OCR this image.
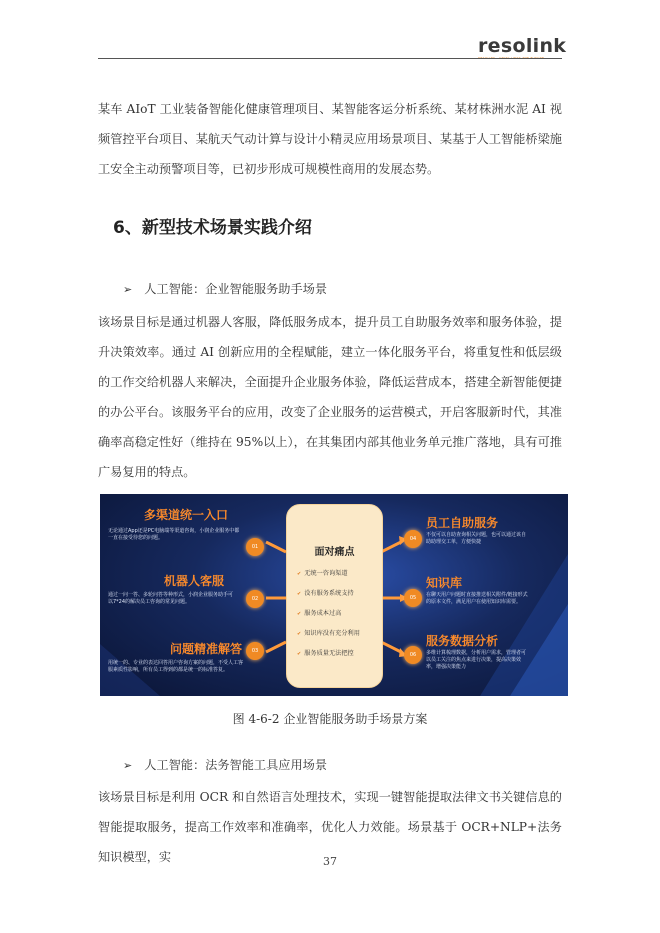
resolink
RESOLINK · UNITY LINKS THE FUTURE

某车 AIoT 工业装备智能化健康管理项目、某智能客运分析系统、某材株洲水泥 AI 视频管控平台项目、某航天气动计算与设计小精灵应用场景项目、某基于人工智能桥梁施工安全主动预警项目等，已初步形成可规模性商用的发展态势。

6、新型技术场景实践介绍
➢ 人工智能：企业智能服务助手场景

该场景目标是通过机器人客服，降低服务成本，提升员工自助服务效率和服务体验，提升决策效率。通过 AI 创新应用的全程赋能，建立一体化服务平台，将重复性和低层级的工作交给机器人来解决，全面提升企业服务体验，降低运营成本，搭建全新智能便捷的办公平台。该服务平台的应用，改变了企业服务的运营模式，开启客服新时代，其准确率高稳定性好（维持在 95%以上），在其集团内部其他业务单元推广落地，具有可推广易复用的特点。

多渠道统一入口
无论通过App还是PC电脑端等渠道咨询，小润企业服务中都一直在接受待您的问题。
01
机器人客服
通过一问一答、多轮问答等种形式，小润企业服务助手可以7*24的解决员工咨询的常见问题。	02
问题精准解答
用统一的、专业的表达回答用户咨询方案的问题，不受人工客服素质性影响，所有员工得到的都是统一的标准答复。
03
面对痛点
✔ 无统一咨询渠道
✔ 没有服务系统支持
✔ 服务成本过高
✔ 知识库没有充分利用
✔ 服务质量无法把控
04
员工自助服务
不仅可以自助查询相关问题，也可以通过该自助助理交工单，方便快捷
05
知识库
在聊天用户问题时直接推送相关附件/链接形式的原本文件，满足用户在使用知识库需要。
06
服务数据分析
多维计算梳理数据，分析用户需求，管理者可以员工关注的焦点来进行决策，提高决策效率，增强决策能力
图 4-6-2 企业智能服务助手场景方案
➢ 人工智能：法务智能工具应用场景

该场景目标是利用 OCR 和自然语言处理技术，实现一键智能提取法律文书关键信息的智能提取服务，提高工作效率和准确率，优化人力效能。场景基于 OCR+NLP+法务知识模型，实	37
